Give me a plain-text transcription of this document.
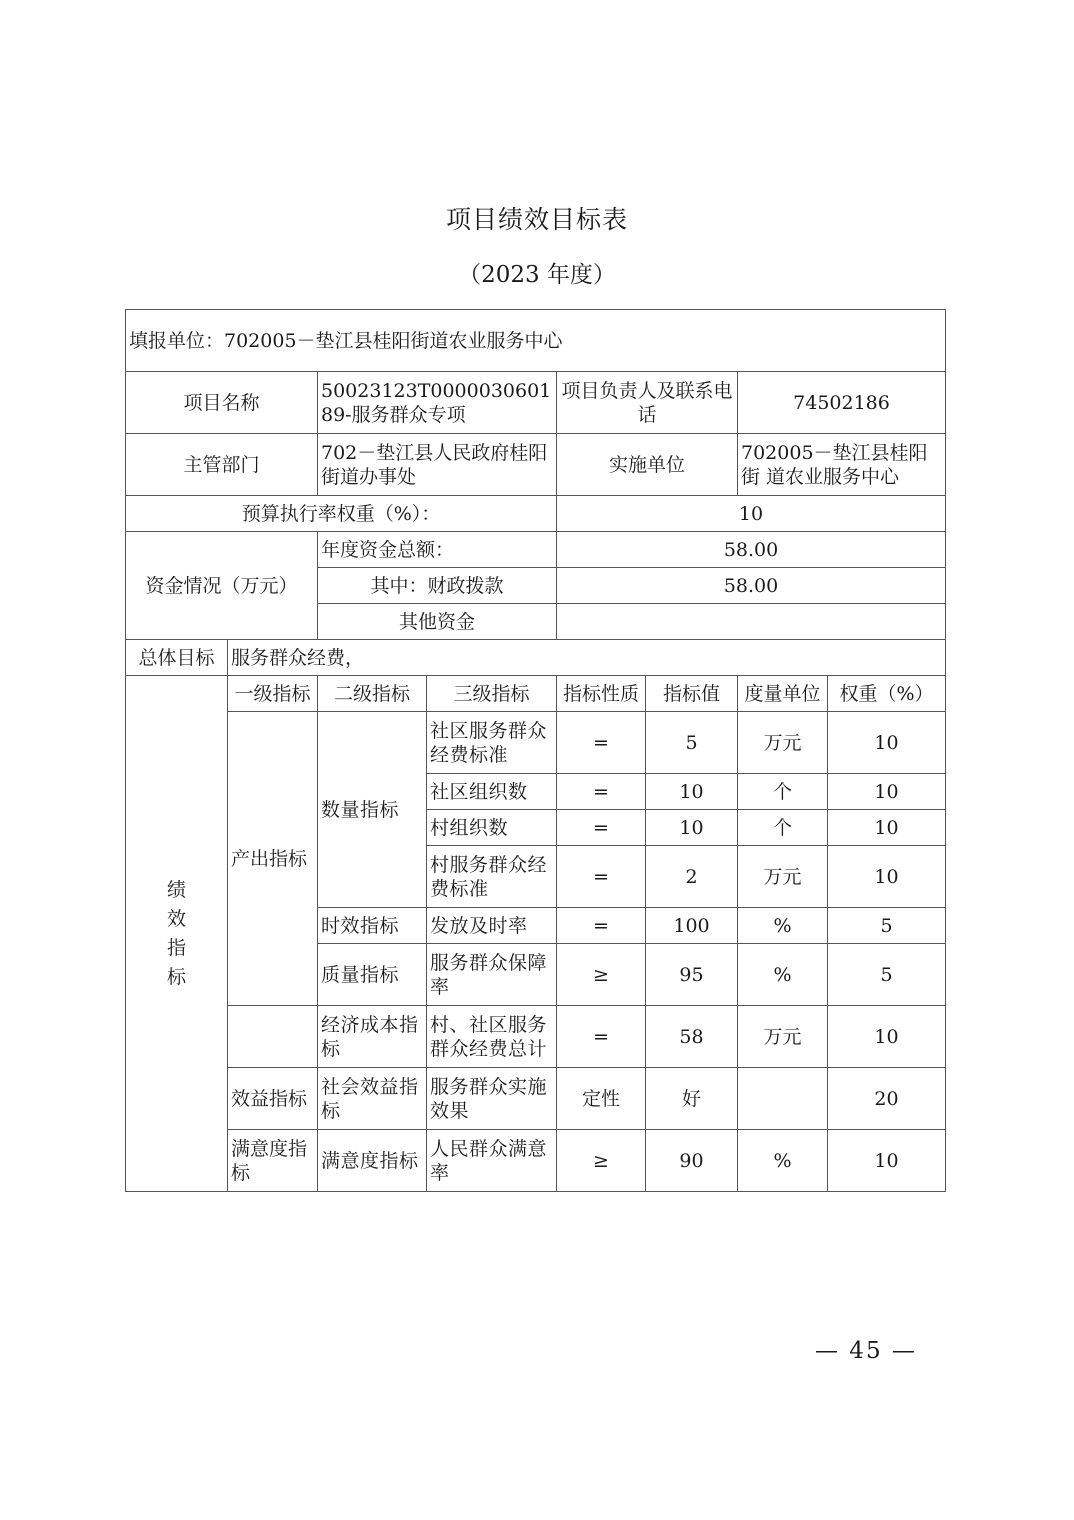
项目绩效目标表
（2023 年度）
填报单位：702005－垫江县桂阳街道农业服务中心							
项目名称		50023123T000003060189-服务群众专项		项目负责人及联系电话		74502186	
主管部门		702－垫江县人民政府桂阳 街道办事处		实施单位		702005－垫江县桂阳街 道农业服务中心	
预算执行率权重（%）：				10			
资金情况（万元）		年度资金总额：		58.00			
		其中：财政拨款		58.00			
		其他资金					
总体目标	服务群众经费，						
绩
效
指
标	一级指标	二级指标	三级指标	指标性质	指标值	度量单位	权重（%）
	产出指标	数量指标	社区服务群众经费标准	=	5	万元	10
			社区组织数	=	10	个	10
			村组织数	=	10	个	10
			村服务群众经费标准	=	2	万元	10
		时效指标	发放及时率	=	100	%	5
		质量指标	服务群众保障率	≥	95	%	5
		经济成本指标	村、社区服务群众经费总计	=	58	万元	10
	效益指标	社会效益指标	服务群众实施效果	定性	好		20
	满意度指标	满意度指标	人民群众满意率	≥	90	%	10
— 45 —
